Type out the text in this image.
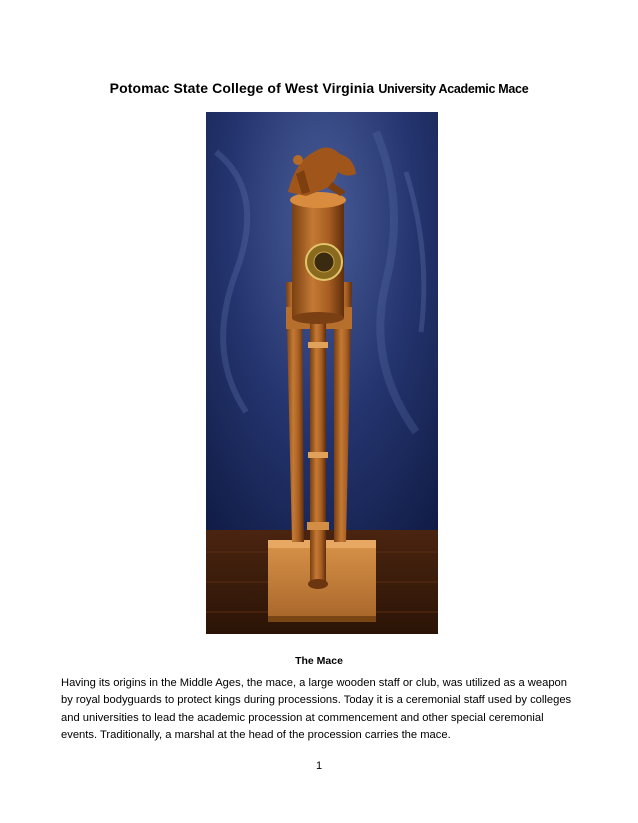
Potomac State College of West Virginia University Academic Mace
The Mace

Having its origins in the Middle Ages, the mace, a large wooden staff or club, was utilized as a weapon by royal bodyguards to protect kings during processions. Today it is a ceremonial staff used by colleges and universities to lead the academic procession at commencement and other special ceremonial events. Traditionally, a marshal at the head of the procession carries the mace.

1
